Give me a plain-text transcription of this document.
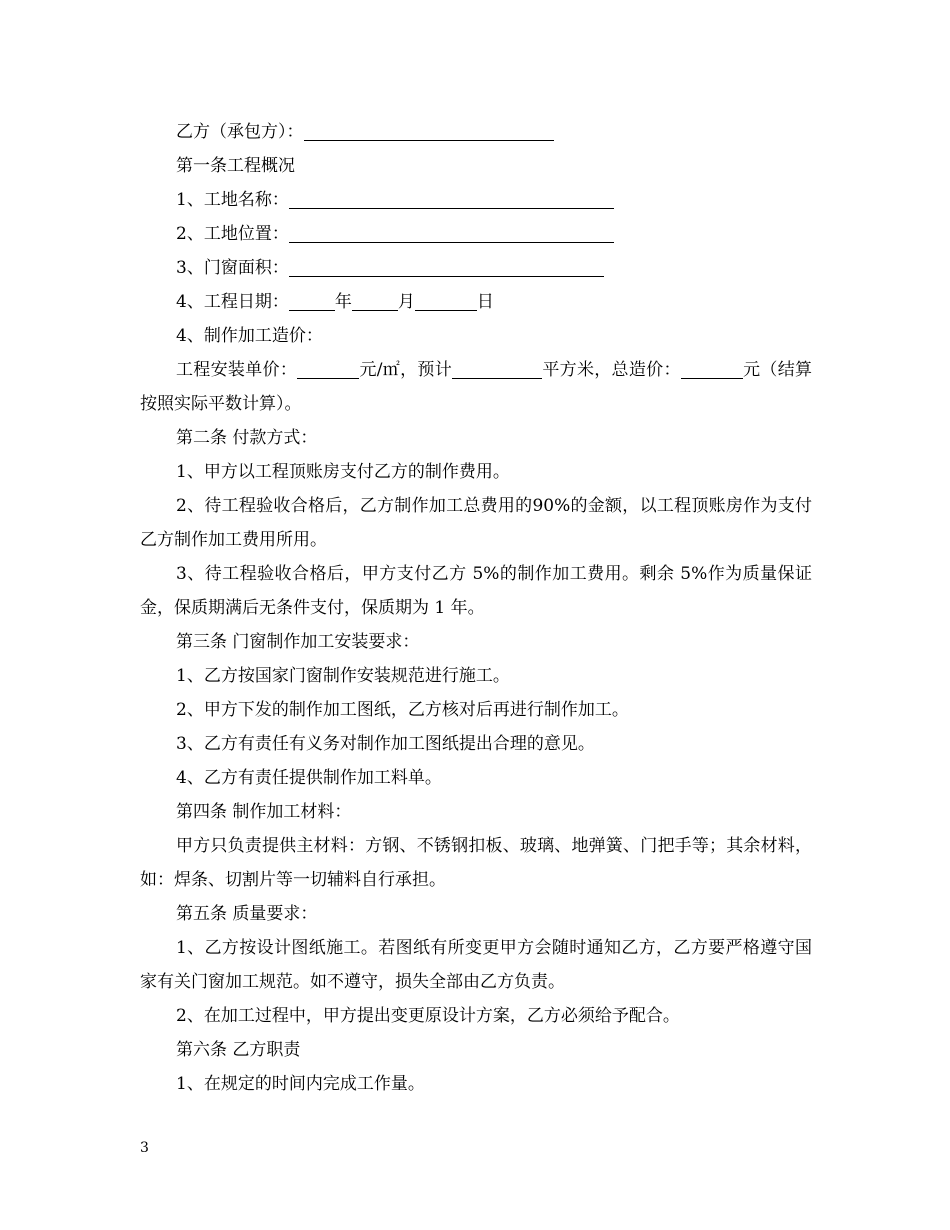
乙方（承包方）：

第一条工程概况

1、工地名称：

2、工地位置：

3、门窗面积：

4、工程日期：	年	月	日

4、制作加工造价：

工程安装单价：	元/㎡，预计	平方米，总造价：	元（结算按照实际平数计算）。

第二条 付款方式：

1、甲方以工程顶账房支付乙方的制作费用。

2、待工程验收合格后，乙方制作加工总费用的90%的金额，以工程顶账房作为支付乙方制作加工费用所用。

3、待工程验收合格后，甲方支付乙方 5%的制作加工费用。剩余 5%作为质量保证金，保质期满后无条件支付，保质期为 1 年。

第三条 门窗制作加工安装要求：

1、乙方按国家门窗制作安装规范进行施工。

2、甲方下发的制作加工图纸，乙方核对后再进行制作加工。

3、乙方有责任有义务对制作加工图纸提出合理的意见。

4、乙方有责任提供制作加工料单。

第四条 制作加工材料：

甲方只负责提供主材料：方钢、不锈钢扣板、玻璃、地弹簧、门把手等；其余材料，如：焊条、切割片等一切辅料自行承担。

第五条 质量要求：

1、乙方按设计图纸施工。若图纸有所变更甲方会随时通知乙方，乙方要严格遵守国家有关门窗加工规范。如不遵守，损失全部由乙方负责。

2、在加工过程中，甲方提出变更原设计方案，乙方必须给予配合。

第六条 乙方职责

1、在规定的时间内完成工作量。

3
